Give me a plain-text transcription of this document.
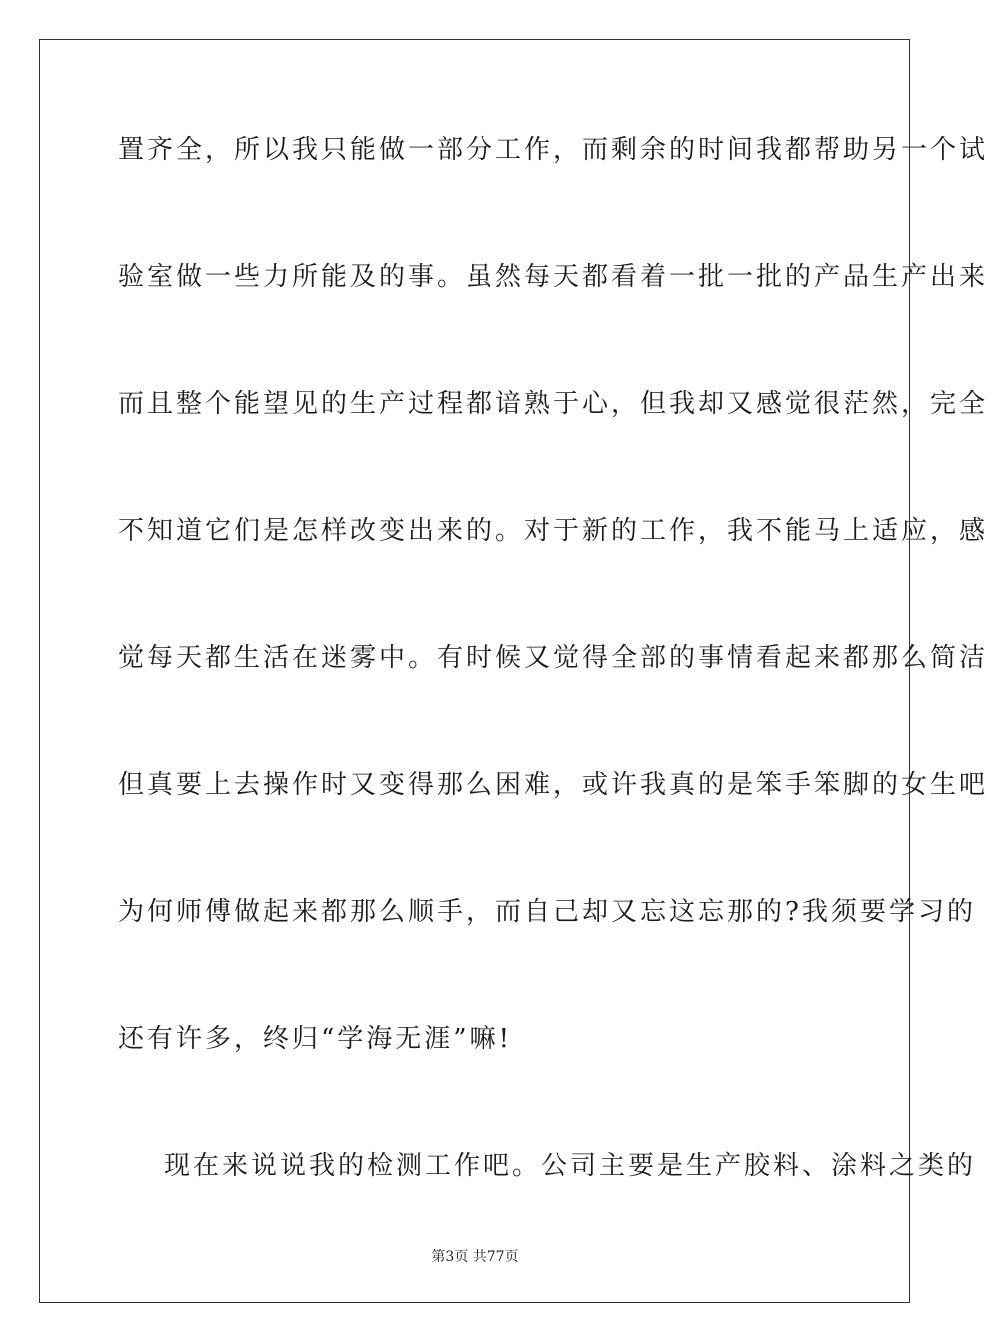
置齐全，所以我只能做一部分工作，而剩余的时间我都帮助另一个试
验室做一些力所能及的事。虽然每天都看着一批一批的产品生产出来
而且整个能望见的生产过程都谙熟于心，但我却又感觉很茫然，完全
不知道它们是怎样改变出来的。对于新的工作，我不能马上适应，感
觉每天都生活在迷雾中。有时候又觉得全部的事情看起来都那么简洁
但真要上去操作时又变得那么困难，或许我真的是笨手笨脚的女生吧
为何师傅做起来都那么顺手，而自己却又忘这忘那的?我须要学习的
还有许多，终归“学海无涯”嘛!
现在来说说我的检测工作吧。公司主要是生产胶料、涂料之类的
第3页 共77页
